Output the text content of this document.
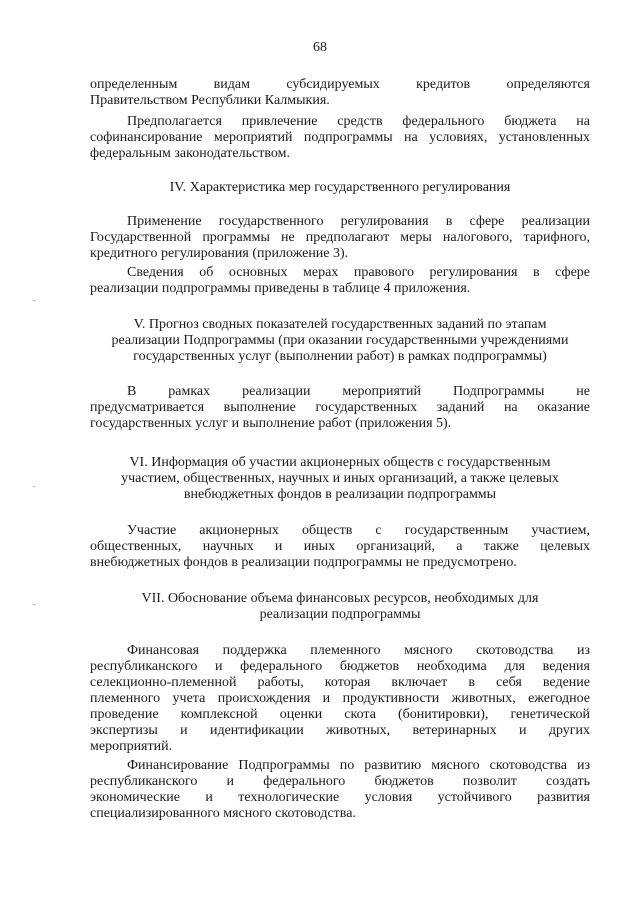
68
определенным видам субсидируемых кредитов определяются
Правительством Республики Калмыкия.
Предполагается привлечение средств федерального бюджета на
софинансирование мероприятий подпрограммы на условиях, установленных
федеральным законодательством.
IV. Характеристика мер государственного регулирования
Применение государственного регулирования в сфере реализации
Государственной программы не предполагают меры налогового, тарифного,
кредитного регулирования (приложение 3).
Сведения об основных мерах правового регулирования в сфере
реализации подпрограммы приведены в таблице 4 приложения.
V. Прогноз сводных показателей государственных заданий по этапам
реализации Подпрограммы (при оказании государственными учреждениями
государственных услуг (выполнении работ) в рамках подпрограммы)
В рамках реализации мероприятий Подпрограммы не
предусматривается выполнение государственных заданий на оказание
государственных услуг и выполнение работ (приложения 5).
VI. Информация об участии акционерных обществ с государственным
участием, общественных, научных и иных организаций, а также целевых
внебюджетных фондов в реализации подпрограммы
Участие акционерных обществ с государственным участием,
общественных, научных и иных организаций, а также целевых
внебюджетных фондов в реализации подпрограммы не предусмотрено.
VII. Обоснование объема финансовых ресурсов, необходимых для
реализации подпрограммы
Финансовая поддержка племенного мясного скотоводства из
республиканского и федерального бюджетов необходима для ведения
селекционно-племенной работы, которая включает в себя ведение
племенного учета происхождения и продуктивности животных, ежегодное
проведение комплексной оценки скота (бонитировки), генетической
экспертизы и идентификации животных, ветеринарных и других
мероприятий.
Финансирование Подпрограммы по развитию мясного скотоводства из
республиканского и федерального бюджетов позволит создать
экономические и технологические условия устойчивого развития
специализированного мясного скотоводства.
